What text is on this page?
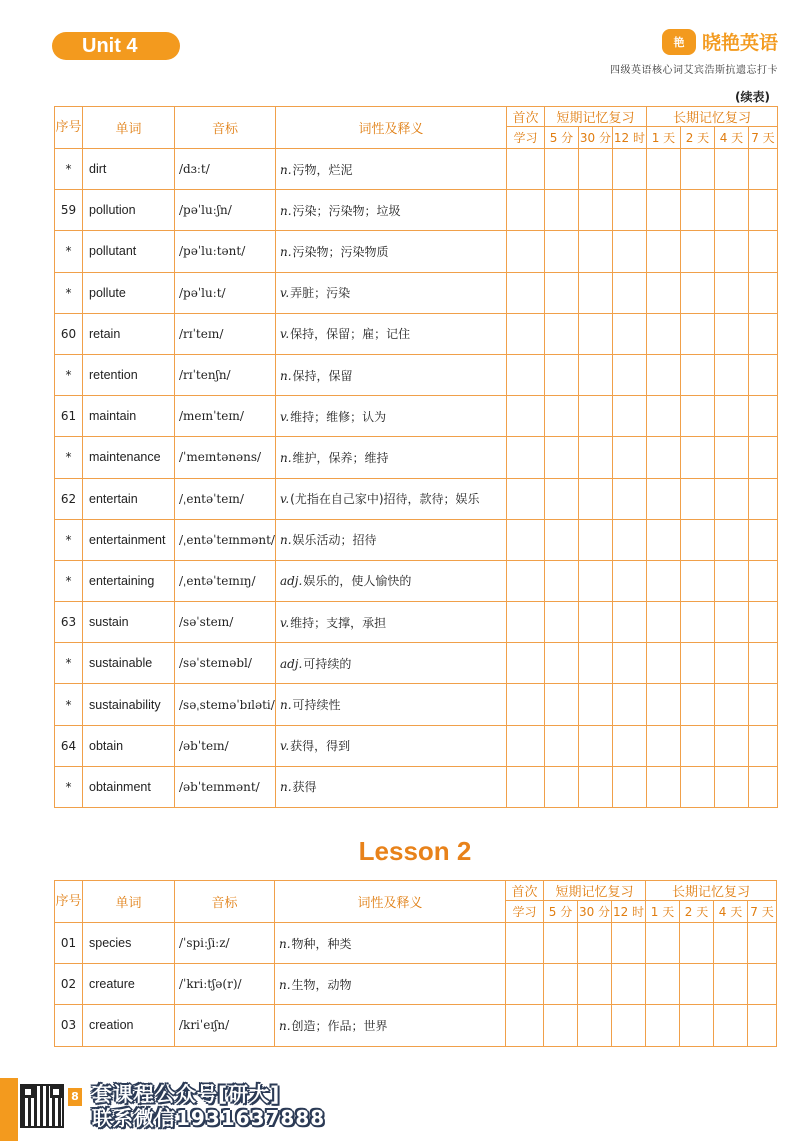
Unit 4	艳 晓艳英语
四级英语核心词艾宾浩斯抗遗忘打卡
(续表)
序号	单词	音标	词性及释义	首次	短期记忆复习			长期记忆复习			
				学习	5 分	30 分	12 时	1 天	2 天	4 天	7 天
*	dirt	/dɜːt/	n.污物，烂泥								
59	pollution	/pəˈluːʃn/	n.污染；污染物；垃圾								
*	pollutant	/pəˈluːtənt/	n.污染物；污染物质								
*	pollute	/pəˈluːt/	v.弄脏；污染								
60	retain	/rɪˈteɪn/	v.保持，保留；雇；记住								
*	retention	/rɪˈtenʃn/	n.保持，保留								
61	maintain	/meɪnˈteɪn/	v.维持；维修；认为								
*	maintenance	/ˈmeɪntənəns/	n.维护，保养；维持								
62	entertain	/ˌentəˈteɪn/	v.(尤指在自己家中)招待，款待；娱乐								
*	entertainment	/ˌentəˈteɪnmənt/	n.娱乐活动；招待								
*	entertaining	/ˌentəˈteɪnɪŋ/	adj.娱乐的，使人愉快的								
63	sustain	/səˈsteɪn/	v.维持；支撑，承担								
*	sustainable	/səˈsteɪnəbl/	adj.可持续的								
*	sustainability	/səˌsteɪnəˈbɪləti/	n.可持续性								
64	obtain	/əbˈteɪn/	v.获得，得到								
*	obtainment	/əbˈteɪnmənt/	n.获得								
Lesson 2
序号	单词	音标	词性及释义	首次	短期记忆复习			长期记忆复习			
				学习	5 分	30 分	12 时	1 天	2 天	4 天	7 天
01	species	/ˈspiːʃiːz/	n.物种，种类								
02	creature	/ˈkriːtʃə(r)/	n.生物，动物								
03	creation	/kriˈeɪʃn/	n.创造；作品；世界								
套课程公众号[研大]
联系微信1931637888
8
